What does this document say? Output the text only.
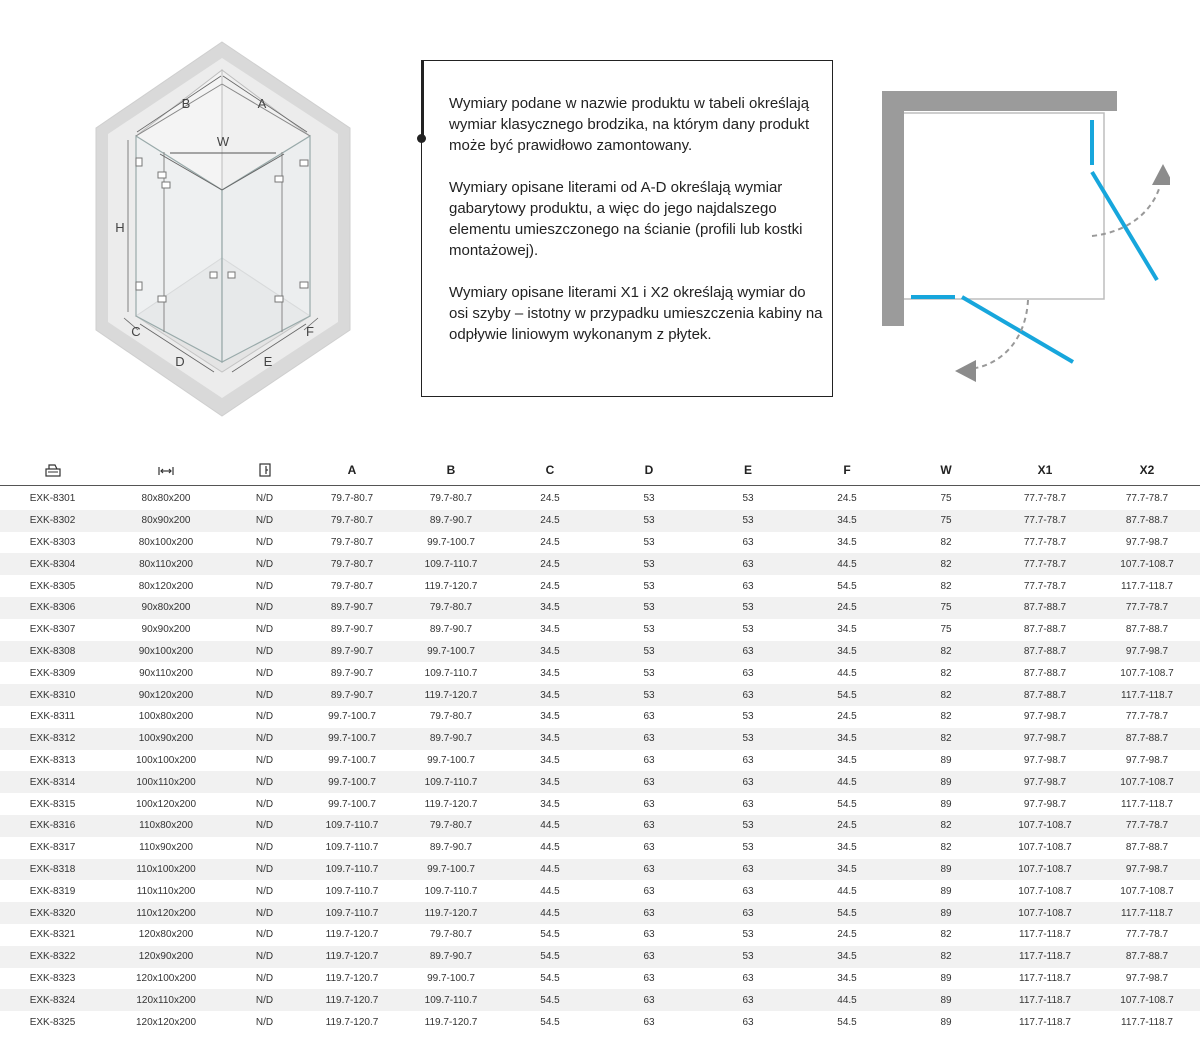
B	A
W
H
C
D	E
F

Wymiary podane w nazwie produktu w tabeli określają wymiar klasycznego brodzika, na którym dany produkt może być prawidłowo zamontowany.

Wymiary opisane literami od A-D określają wymiar gabarytowy produktu, a więc do jego najdalszego elementu umieszczonego na ścianie (profili lub kostki montażowej).

Wymiary opisane literami X1 i X2 określają wymiar do osi szyby – istotny w przypadku umieszczenia kabiny na odpływie liniowym wykonanym z płytek.

			A	B	C	D	E	F	W	X1	X2
EXK-8301	80x80x200	N/D	79.7-80.7	79.7-80.7	24.5	53	53	24.5	75	77.7-78.7	77.7-78.7
EXK-8302	80x90x200	N/D	79.7-80.7	89.7-90.7	24.5	53	53	34.5	75	77.7-78.7	87.7-88.7
EXK-8303	80x100x200	N/D	79.7-80.7	99.7-100.7	24.5	53	63	34.5	82	77.7-78.7	97.7-98.7
EXK-8304	80x110x200	N/D	79.7-80.7	109.7-110.7	24.5	53	63	44.5	82	77.7-78.7	107.7-108.7
EXK-8305	80x120x200	N/D	79.7-80.7	119.7-120.7	24.5	53	63	54.5	82	77.7-78.7	117.7-118.7
EXK-8306	90x80x200	N/D	89.7-90.7	79.7-80.7	34.5	53	53	24.5	75	87.7-88.7	77.7-78.7
EXK-8307	90x90x200	N/D	89.7-90.7	89.7-90.7	34.5	53	53	34.5	75	87.7-88.7	87.7-88.7
EXK-8308	90x100x200	N/D	89.7-90.7	99.7-100.7	34.5	53	63	34.5	82	87.7-88.7	97.7-98.7
EXK-8309	90x110x200	N/D	89.7-90.7	109.7-110.7	34.5	53	63	44.5	82	87.7-88.7	107.7-108.7
EXK-8310	90x120x200	N/D	89.7-90.7	119.7-120.7	34.5	53	63	54.5	82	87.7-88.7	117.7-118.7
EXK-8311	100x80x200	N/D	99.7-100.7	79.7-80.7	34.5	63	53	24.5	82	97.7-98.7	77.7-78.7
EXK-8312	100x90x200	N/D	99.7-100.7	89.7-90.7	34.5	63	53	34.5	82	97.7-98.7	87.7-88.7
EXK-8313	100x100x200	N/D	99.7-100.7	99.7-100.7	34.5	63	63	34.5	89	97.7-98.7	97.7-98.7
EXK-8314	100x110x200	N/D	99.7-100.7	109.7-110.7	34.5	63	63	44.5	89	97.7-98.7	107.7-108.7
EXK-8315	100x120x200	N/D	99.7-100.7	119.7-120.7	34.5	63	63	54.5	89	97.7-98.7	117.7-118.7
EXK-8316	110x80x200	N/D	109.7-110.7	79.7-80.7	44.5	63	53	24.5	82	107.7-108.7	77.7-78.7
EXK-8317	110x90x200	N/D	109.7-110.7	89.7-90.7	44.5	63	53	34.5	82	107.7-108.7	87.7-88.7
EXK-8318	110x100x200	N/D	109.7-110.7	99.7-100.7	44.5	63	63	34.5	89	107.7-108.7	97.7-98.7
EXK-8319	110x110x200	N/D	109.7-110.7	109.7-110.7	44.5	63	63	44.5	89	107.7-108.7	107.7-108.7
EXK-8320	110x120x200	N/D	109.7-110.7	119.7-120.7	44.5	63	63	54.5	89	107.7-108.7	117.7-118.7
EXK-8321	120x80x200	N/D	119.7-120.7	79.7-80.7	54.5	63	53	24.5	82	117.7-118.7	77.7-78.7
EXK-8322	120x90x200	N/D	119.7-120.7	89.7-90.7	54.5	63	53	34.5	82	117.7-118.7	87.7-88.7
EXK-8323	120x100x200	N/D	119.7-120.7	99.7-100.7	54.5	63	63	34.5	89	117.7-118.7	97.7-98.7
EXK-8324	120x110x200	N/D	119.7-120.7	109.7-110.7	54.5	63	63	44.5	89	117.7-118.7	107.7-108.7
EXK-8325	120x120x200	N/D	119.7-120.7	119.7-120.7	54.5	63	63	54.5	89	117.7-118.7	117.7-118.7
